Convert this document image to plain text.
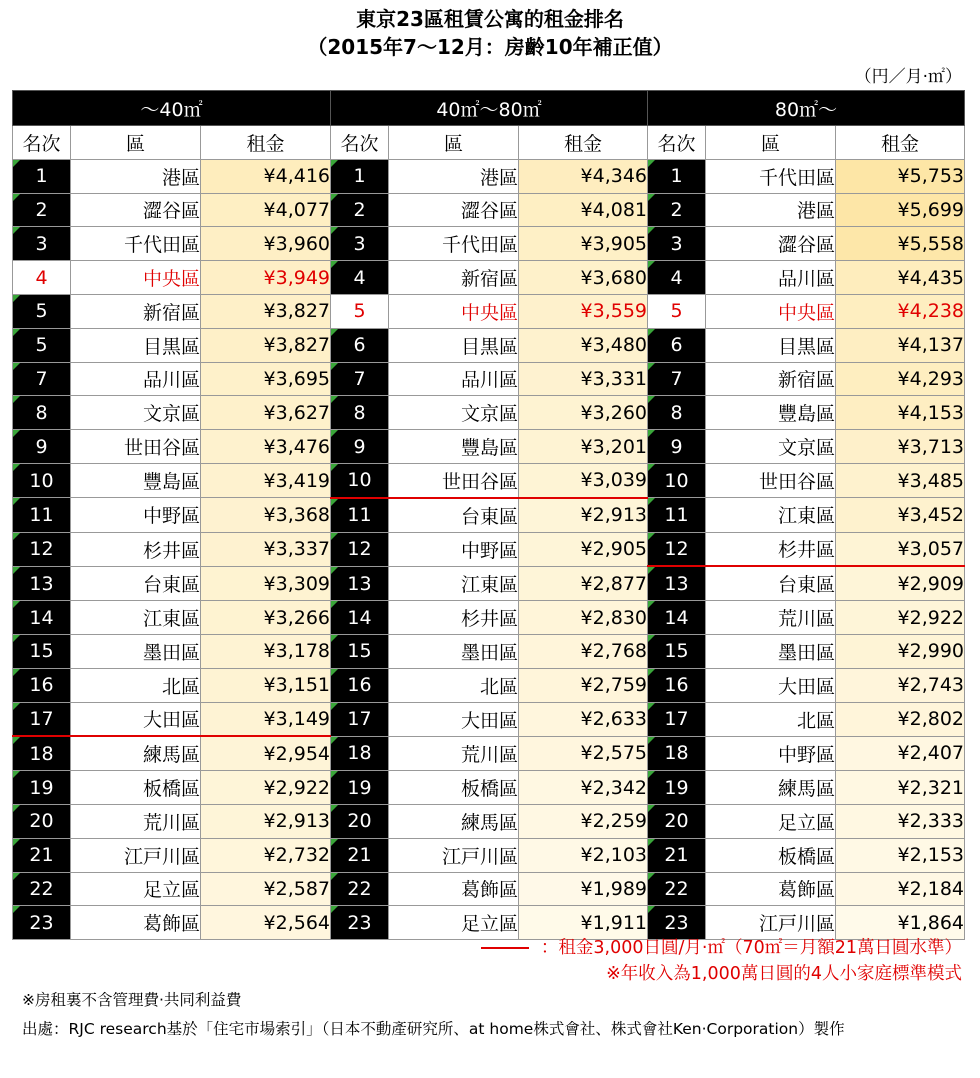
東京23區租賃公寓的租金排名
（2015年7～12月：房齡10年補正值）
（円／月·㎡）
～40㎡			40㎡～80㎡			80㎡～		
名次	區	租金	名次	區	租金	名次	區	租金
1	港區	¥4,416	1	港區	¥4,346	1	千代田區	¥5,753
2	澀谷區	¥4,077	2	澀谷區	¥4,081	2	港區	¥5,699
3	千代田區	¥3,960	3	千代田區	¥3,905	3	澀谷區	¥5,558
4	中央區	¥3,949	4	新宿區	¥3,680	4	品川區	¥4,435
5	新宿區	¥3,827	5	中央區	¥3,559	5	中央區	¥4,238
5	目黒區	¥3,827	6	目黒區	¥3,480	6	目黒區	¥4,137
7	品川區	¥3,695	7	品川區	¥3,331	7	新宿區	¥4,293
8	文京區	¥3,627	8	文京區	¥3,260	8	豐島區	¥4,153
9	世田谷區	¥3,476	9	豐島區	¥3,201	9	文京區	¥3,713
10	豐島區	¥3,419	10	世田谷區	¥3,039	10	世田谷區	¥3,485
11	中野區	¥3,368	11	台東區	¥2,913	11	江東區	¥3,452
12	杉井區	¥3,337	12	中野區	¥2,905	12	杉井區	¥3,057
13	台東區	¥3,309	13	江東區	¥2,877	13	台東區	¥2,909
14	江東區	¥3,266	14	杉井區	¥2,830	14	荒川區	¥2,922
15	墨田區	¥3,178	15	墨田區	¥2,768	15	墨田區	¥2,990
16	北區	¥3,151	16	北區	¥2,759	16	大田區	¥2,743
17	大田區	¥3,149	17	大田區	¥2,633	17	北區	¥2,802
18	練馬區	¥2,954	18	荒川區	¥2,575	18	中野區	¥2,407
19	板橋區	¥2,922	19	板橋區	¥2,342	19	練馬區	¥2,321
20	荒川區	¥2,913	20	練馬區	¥2,259	20	足立區	¥2,333
21	江戸川區	¥2,732	21	江戸川區	¥2,103	21	板橋區	¥2,153
22	足立區	¥2,587	22	葛飾區	¥1,989	22	葛飾區	¥2,184
23	葛飾區	¥2,564	23	足立區	¥1,911	23	江戸川區	¥1,864
：租金3,000日圓/月·㎡（70㎡＝月額21萬日圓水準）
※年收入為1,000萬日圓的4人小家庭標準模式
※房租裏不含管理費·共同利益費
出處：RJC research基於「住宅市場索引」（日本不動產研究所、at home株式會社、株式會社Ken·Corporation）製作
